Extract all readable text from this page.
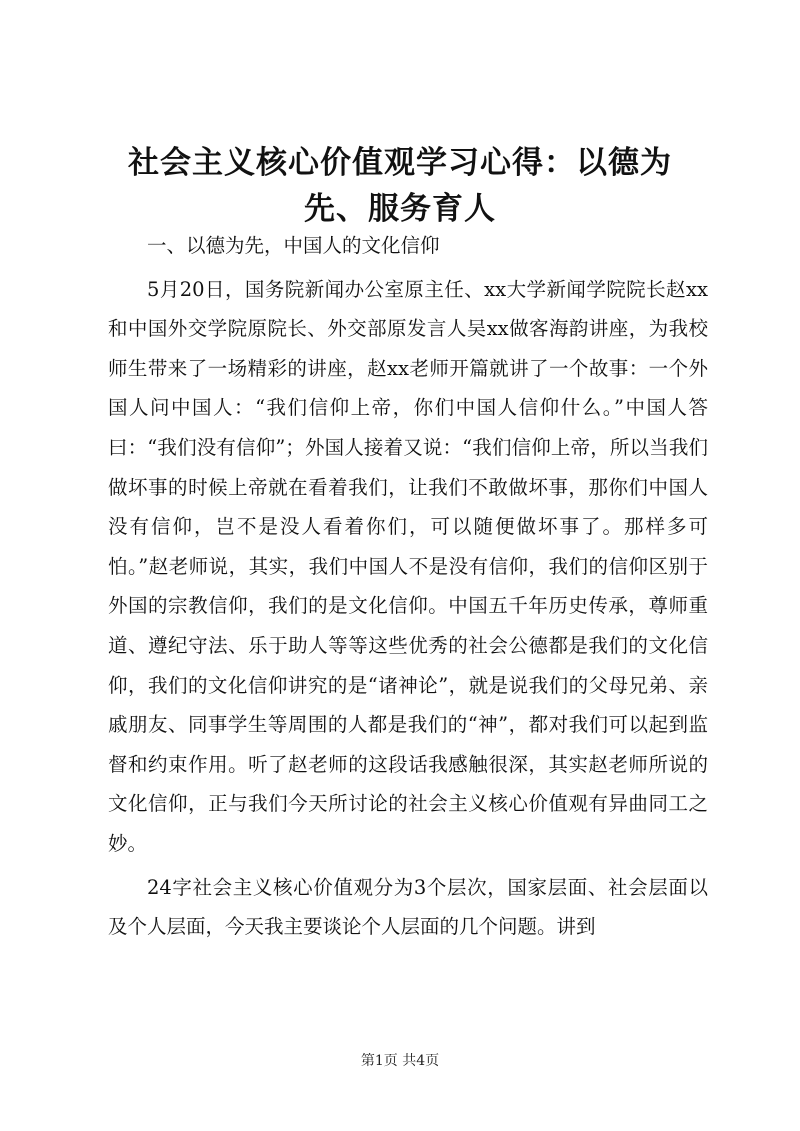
社会主义核心价值观学习心得：以德为先、服务育人

一、以德为先，中国人的文化信仰

5月20日，国务院新闻办公室原主任、xx大学新闻学院院长赵xx和中国外交学院原院长、外交部原发言人吴xx做客海韵讲座，为我校师生带来了一场精彩的讲座，赵xx老师开篇就讲了一个故事：一个外国人问中国人：“我们信仰上帝，你们中国人信仰什么。”中国人答曰：“我们没有信仰”；外国人接着又说：“我们信仰上帝，所以当我们做坏事的时候上帝就在看着我们，让我们不敢做坏事，那你们中国人没有信仰，岂不是没人看着你们，可以随便做坏事了。那样多可怕。”赵老师说，其实，我们中国人不是没有信仰，我们的信仰区别于外国的宗教信仰，我们的是文化信仰。中国五千年历史传承，尊师重道、遵纪守法、乐于助人等等这些优秀的社会公德都是我们的文化信仰，我们的文化信仰讲究的是“诸神论”，就是说我们的父母兄弟、亲戚朋友、同事学生等周围的人都是我们的“神”，都对我们可以起到监督和约束作用。听了赵老师的这段话我感触很深，其实赵老师所说的文化信仰，正与我们今天所讨论的社会主义核心价值观有异曲同工之妙。

24字社会主义核心价值观分为3个层次，国家层面、社会层面以及个人层面，今天我主要谈论个人层面的几个问题。讲到

第1页 共4页
